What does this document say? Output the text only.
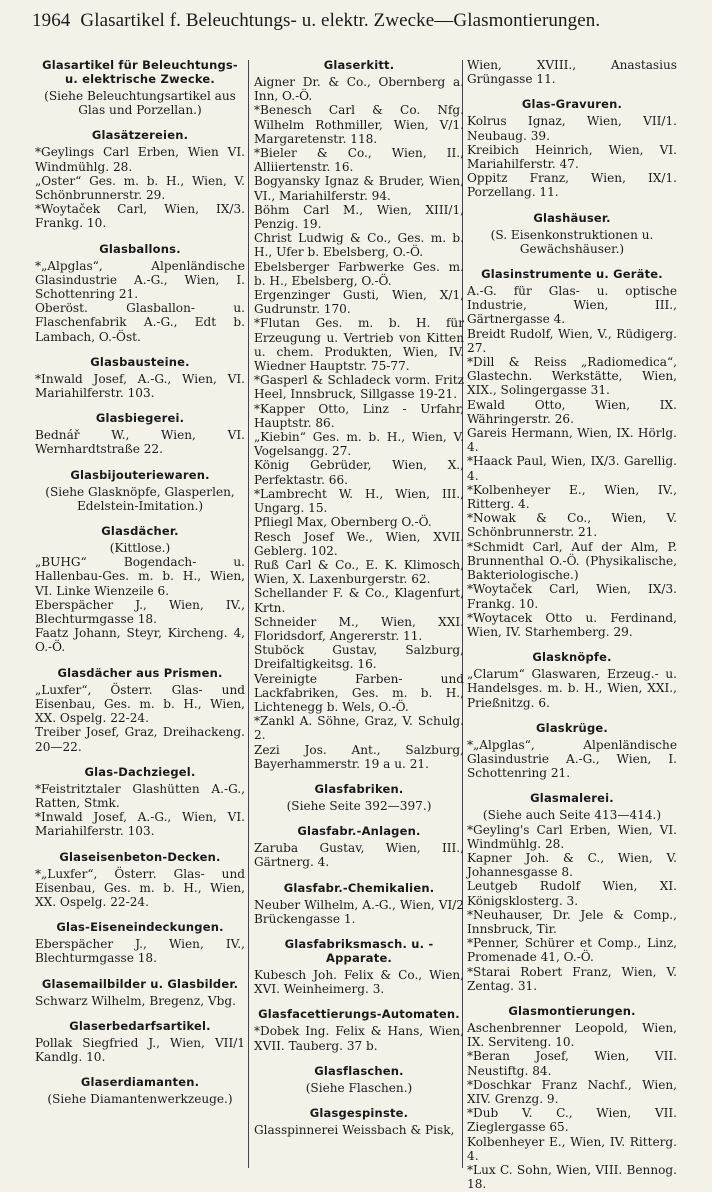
1964 Glasartikel f. Beleuchtungs- u. elektr. Zwecke—Glasmontierungen.
Glasartikel für Beleuchtungs- u. elektrische Zwecke.
(Siehe Beleuchtungsartikel aus Glas und Porzellan.)
Glasätzereien.
*Geylings Carl Erben, Wien VI. Windmühlg. 28.
„Oster“ Ges. m. b. H., Wien, V. Schönbrunnerstr. 29.
*Woytaček Carl, Wien, IX/3. Frankg. 10.
Glasballons.
*„Alpglas“, Alpenländische Glasindustrie A.-G., Wien, I. Schottenring 21.
Oberöst. Glasballon- u. Flaschenfabrik A.-G., Edt b. Lambach, O.-Öst.
Glasbausteine.
*Inwald Josef, A.-G., Wien, VI. Mariahilferstr. 103.
Glasbiegerei.
Bednář W., Wien, VI. Wernhardtstraße 22.
Glasbijouteriewaren.
(Siehe Glasknöpfe, Glasperlen, Edelstein-Imitation.)
Glasdächer.
(Kittlose.)
„BUHG“ Bogendach- u. Hallenbau-Ges. m. b. H., Wien, VI. Linke Wienzeile 6.
Eberspächer J., Wien, IV., Blechturmgasse 18.
Faatz Johann, Steyr, Kircheng. 4, O.-Ö.
Glasdächer aus Prismen.
„Luxfer“, Österr. Glas- und Eisenbau, Ges. m. b. H., Wien, XX. Ospelg. 22-24.
Treiber Josef, Graz, Dreihackeng. 20—22.
Glas-Dachziegel.
*Feistritztaler Glashütten A.-G., Ratten, Stmk.
*Inwald Josef, A.-G., Wien, VI. Mariahilferstr. 103.
Glaseisenbeton-Decken.
*„Luxfer“, Österr. Glas- und Eisenbau, Ges. m. b. H., Wien, XX. Ospelg. 22-24.
Glas-Eiseneindeckungen.
Eberspächer J., Wien, IV., Blechturmgasse 18.
Glasemailbilder u. Glasbilder.
Schwarz Wilhelm, Bregenz, Vbg.
Glaserbedarfsartikel.
Pollak Siegfried J., Wien, VII/1 Kandlg. 10.
Glaserdiamanten.
(Siehe Diamantenwerkzeuge.)
Glaserkitt.
Aigner Dr. & Co., Obernberg a. Inn, O.-Ö.
*Benesch Carl & Co. Nfg. Wilhelm Rothmiller, Wien, V/1. Margaretenstr. 118.
*Bieler & Co., Wien, II., Alliiertenstr. 16.
Bogyansky Ignaz & Bruder, Wien, VI., Mariahilferstr. 94.
Böhm Carl M., Wien, XIII/1, Penzig. 19.
Christ Ludwig & Co., Ges. m. b. H., Ufer b. Ebelsberg, O.-Ö.
Ebelsberger Farbwerke Ges. m. b. H., Ebelsberg, O.-Ö.
Ergenzinger Gusti, Wien, X/1, Gudrunstr. 170.
*Flutan Ges. m. b. H. für Erzeugung u. Vertrieb von Kitten u. chem. Produkten, Wien, IV. Wiedner Hauptstr. 75-77.
*Gasperl & Schladeck vorm. Fritz Heel, Innsbruck, Sillgasse 19-21.
*Kapper Otto, Linz - Urfahr, Hauptstr. 86.
„Kiebin“ Ges. m. b. H., Wien, V. Vogelsangg. 27.
König Gebrüder, Wien, X., Perfektastr. 66.
*Lambrecht W. H., Wien, III., Ungarg. 15.
Pfliegl Max, Obernberg O.-Ö.
Resch Josef We., Wien, XVII. Geblerg. 102.
Ruß Carl & Co., E. K. Klimosch, Wien, X. Laxenburgerstr. 62.
Schellander F. & Co., Klagenfurt, Krtn.
Schneider M., Wien, XXI. Floridsdorf, Angererstr. 11.
Stuböck Gustav, Salzburg, Dreifaltigkeitsg. 16.
Vereinigte Farben- und Lackfabriken, Ges. m. b. H., Lichtenegg b. Wels, O.-Ö.
*Zankl A. Söhne, Graz, V. Schulg. 2.
Zezi Jos. Ant., Salzburg, Bayerhammerstr. 19 a u. 21.
Glasfabriken.
(Siehe Seite 392—397.)
Glasfabr.-Anlagen.
Zaruba Gustav, Wien, III., Gärtnerg. 4.
Glasfabr.-Chemikalien.
Neuber Wilhelm, A.-G., Wien, VI/2 Brückengasse 1.
Glasfabriksmasch. u. -Apparate.
Kubesch Joh. Felix & Co., Wien, XVI. Weinheimerg. 3.
Glasfacettierungs-Automaten.
*Dobek Ing. Felix & Hans, Wien, XVII. Tauberg. 37 b.
Glasflaschen.
(Siehe Flaschen.)
Glasgespinste.
Glasspinnerei Weissbach & Pisk,
Wien, XVIII., Anastasius Grüngasse 11.
Glas-Gravuren.
Kolrus Ignaz, Wien, VII/1. Neubaug. 39.
Kreibich Heinrich, Wien, VI. Mariahilferstr. 47.
Oppitz Franz, Wien, IX/1. Porzellang. 11.
Glashäuser.
(S. Eisenkonstruktionen u. Gewächshäuser.)
Glasinstrumente u. Geräte.
A.-G. für Glas- u. optische Industrie, Wien, III., Gärtnergasse 4.
Breidt Rudolf, Wien, V., Rüdigerg. 27.
*Dill & Reiss „Radiomedica“, Glastechn. Werkstätte, Wien, XIX., Solingergasse 31.
Ewald Otto, Wien, IX. Währingerstr. 26.
Gareis Hermann, Wien, IX. Hörlg. 4.
*Haack Paul, Wien, IX/3. Garellig. 4.
*Kolbenheyer E., Wien, IV., Ritterg. 4.
*Nowak & Co., Wien, V. Schönbrunnerstr. 21.
*Schmidt Carl, Auf der Alm, P. Brunnenthal O.-Ö. (Physikalische, Bakteriologische.)
*Woytaček Carl, Wien, IX/3. Frankg. 10.
*Woytacek Otto u. Ferdinand, Wien, IV. Starhemberg. 29.
Glasknöpfe.
„Clarum“ Glaswaren, Erzeug.- u. Handelsges. m. b. H., Wien, XXI., Prießnitzg. 6.
Glaskrüge.
*„Alpglas“, Alpenländische Glasindustrie A.-G., Wien, I. Schottenring 21.
Glasmalerei.
(Siehe auch Seite 413—414.)
*Geyling's Carl Erben, Wien, VI. Windmühlg. 28.
Kapner Joh. & C., Wien, V. Johannesgasse 8.
Leutgeb Rudolf Wien, XI. Königsklosterg. 3.
*Neuhauser, Dr. Jele & Comp., Innsbruck, Tir.
*Penner, Schürer et Comp., Linz, Promenade 41, O.-Ö.
*Starai Robert Franz, Wien, V. Zentag. 31.
Glasmontierungen.
Aschenbrenner Leopold, Wien, IX. Serviteng. 10.
*Beran Josef, Wien, VII. Neustiftg. 84.
*Doschkar Franz Nachf., Wien, XIV. Grenzg. 9.
*Dub V. C., Wien, VII. Zieglergasse 65.
Kolbenheyer E., Wien, IV. Ritterg. 4.
*Lux C. Sohn, Wien, VIII. Bennog. 18.
